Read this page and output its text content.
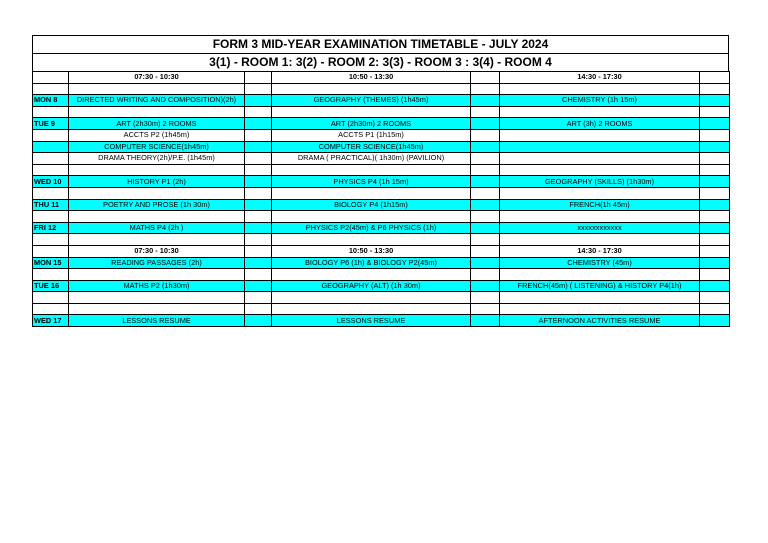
FORM 3 MID-YEAR EXAMINATION TIMETABLE - JULY 2024
3(1) - ROOM 1: 3(2) - ROOM 2: 3(3) - ROOM 3 : 3(4) - ROOM 4
	07:30 - 10:30		10:50 - 13:30		14:30 - 17:30	

MON 8	DIRECTED WRITING AND COMPOSITION)(2h)		GEOGRAPHY (THEMES) (1h45m)		CHEMISTRY (1h 15m)	

TUE 9	ART (2h30m) 2 ROOMS		ART (2h30m) 2 ROOMS		ART (3h) 2 ROOMS	
	ACCTS P2 (1h45m)		ACCTS P1 (1h15m)			
	COMPUTER SCIENCE(1h45m)		COMPUTER SCIENCE(1h45m)			
	DRAMA THEORY(2h)/P.E. (1h45m)		DRAMA ( PRACTICAL)( 1h30m) (PAVILION)			

WED 10	HISTORY P1 (2h)		PHYSICS P4 (1h 15m)		GEOGRAPHY (SKILLS) (1h30m)	

THU 11	POETRY AND PROSE (1h 30m)		BIOLOGY P4 (1h15m)		FRENCH(1h 45m)	

FRI 12	MATHS P4 (2h )		PHYSICS P2(45m) & P6 PHYSICS (1h)		xxxxxxxxxxxx	

	07:30 - 10:30		10:50 - 13:30		14:30 - 17:30	
MON 15	READING PASSAGES (2h)		BIOLOGY P6 (1h) & BIOLOGY P2(45m)		CHEMISTRY (45m)	

TUE 16	MATHS P2 (1h30m)		GEOGRAPHY (ALT) (1h 30m)		FRENCH(45m) ( LISTENING) & HISTORY P4(1h)	

WED 17	LESSONS RESUME		LESSONS RESUME		AFTERNOON ACTIVITIES RESUME	
